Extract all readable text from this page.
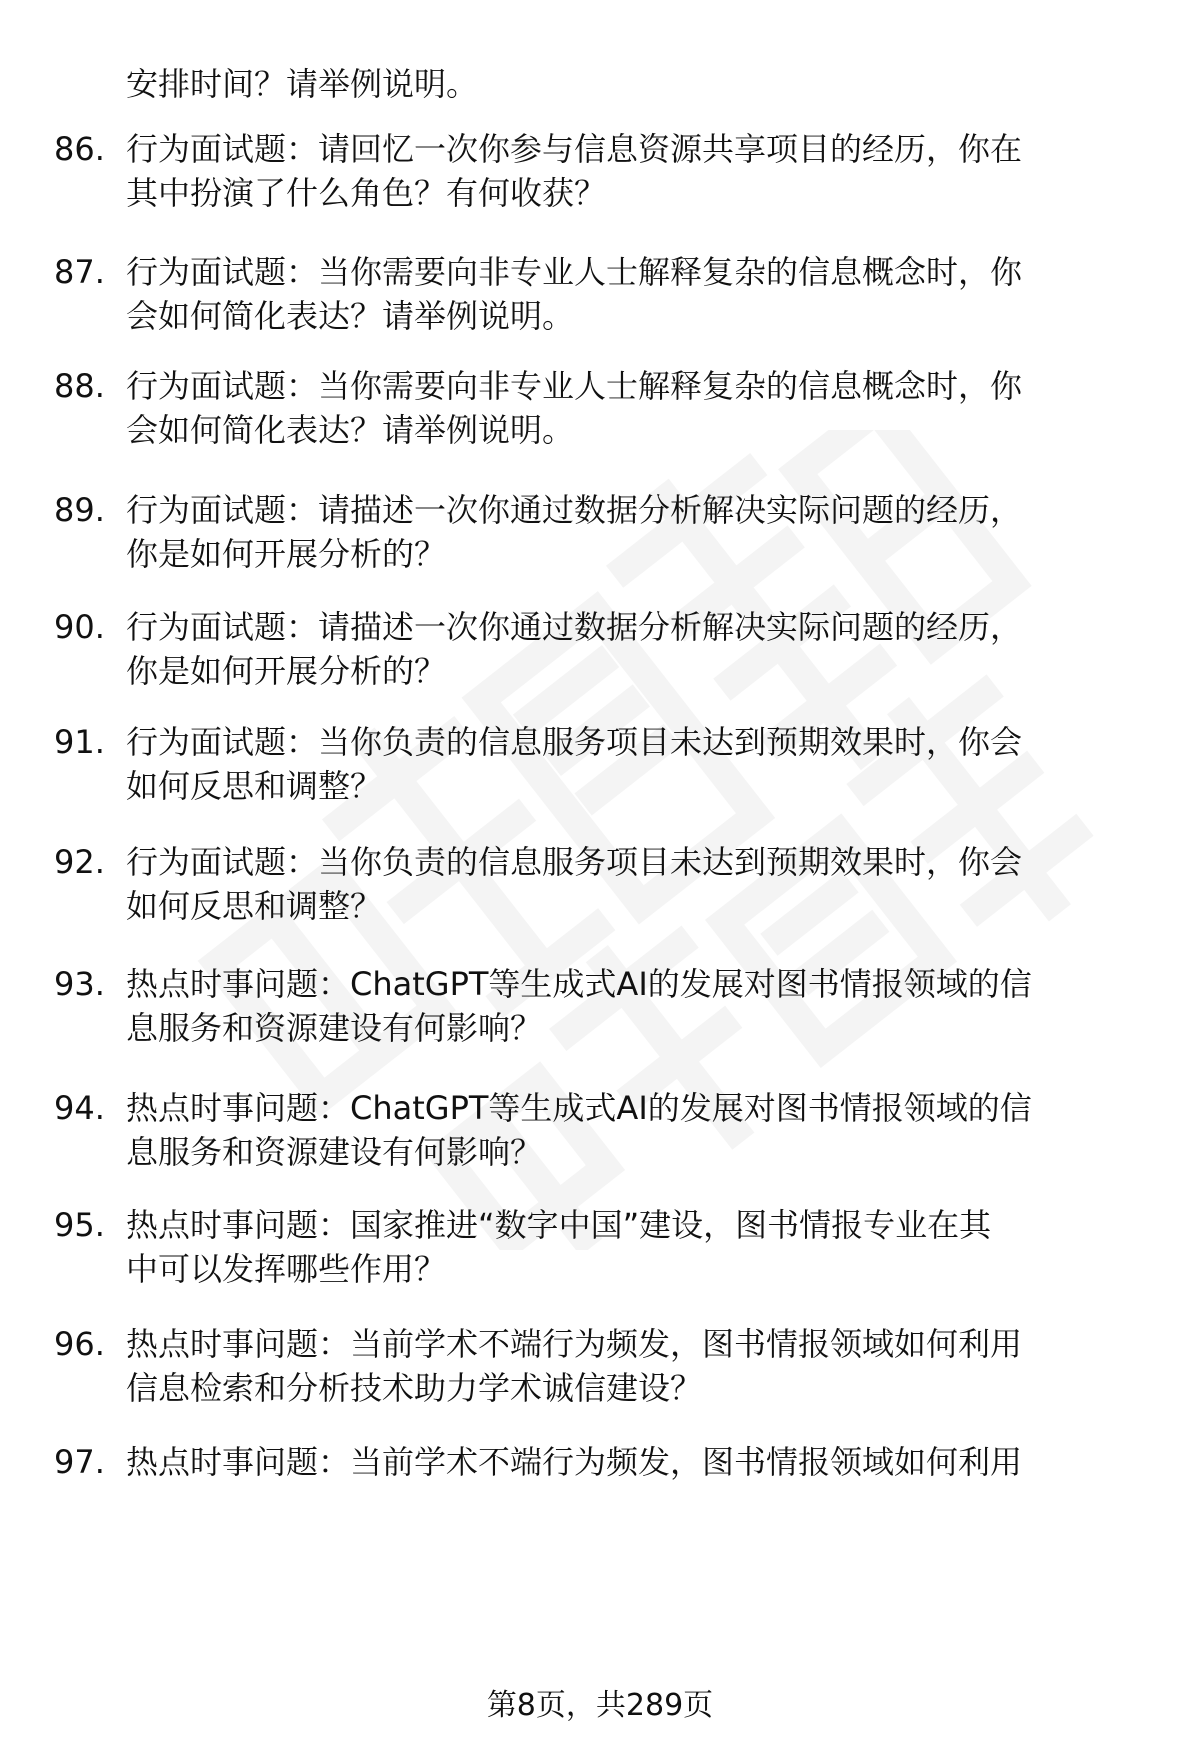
安排时间？请举例说明。
86. 行为面试题：请回忆一次你参与信息资源共享项目的经历，你在
其中扮演了什么角色？有何收获？
87. 行为面试题：当你需要向非专业人士解释复杂的信息概念时，你
会如何简化表达？请举例说明。
88. 行为面试题：当你需要向非专业人士解释复杂的信息概念时，你
会如何简化表达？请举例说明。
89. 行为面试题：请描述一次你通过数据分析解决实际问题的经历，
你是如何开展分析的？
90. 行为面试题：请描述一次你通过数据分析解决实际问题的经历，
你是如何开展分析的？
91. 行为面试题：当你负责的信息服务项目未达到预期效果时，你会
如何反思和调整？
92. 行为面试题：当你负责的信息服务项目未达到预期效果时，你会
如何反思和调整？
93. 热点时事问题：ChatGPT等生成式AI的发展对图书情报领域的信
息服务和资源建设有何影响？
94. 热点时事问题：ChatGPT等生成式AI的发展对图书情报领域的信
息服务和资源建设有何影响？
95. 热点时事问题：国家推进“数字中国”建设，图书情报专业在其
中可以发挥哪些作用？
96. 热点时事问题：当前学术不端行为频发，图书情报领域如何利用
信息检索和分析技术助力学术诚信建设？
97. 热点时事问题：当前学术不端行为频发，图书情报领域如何利用
第8页，共289页
